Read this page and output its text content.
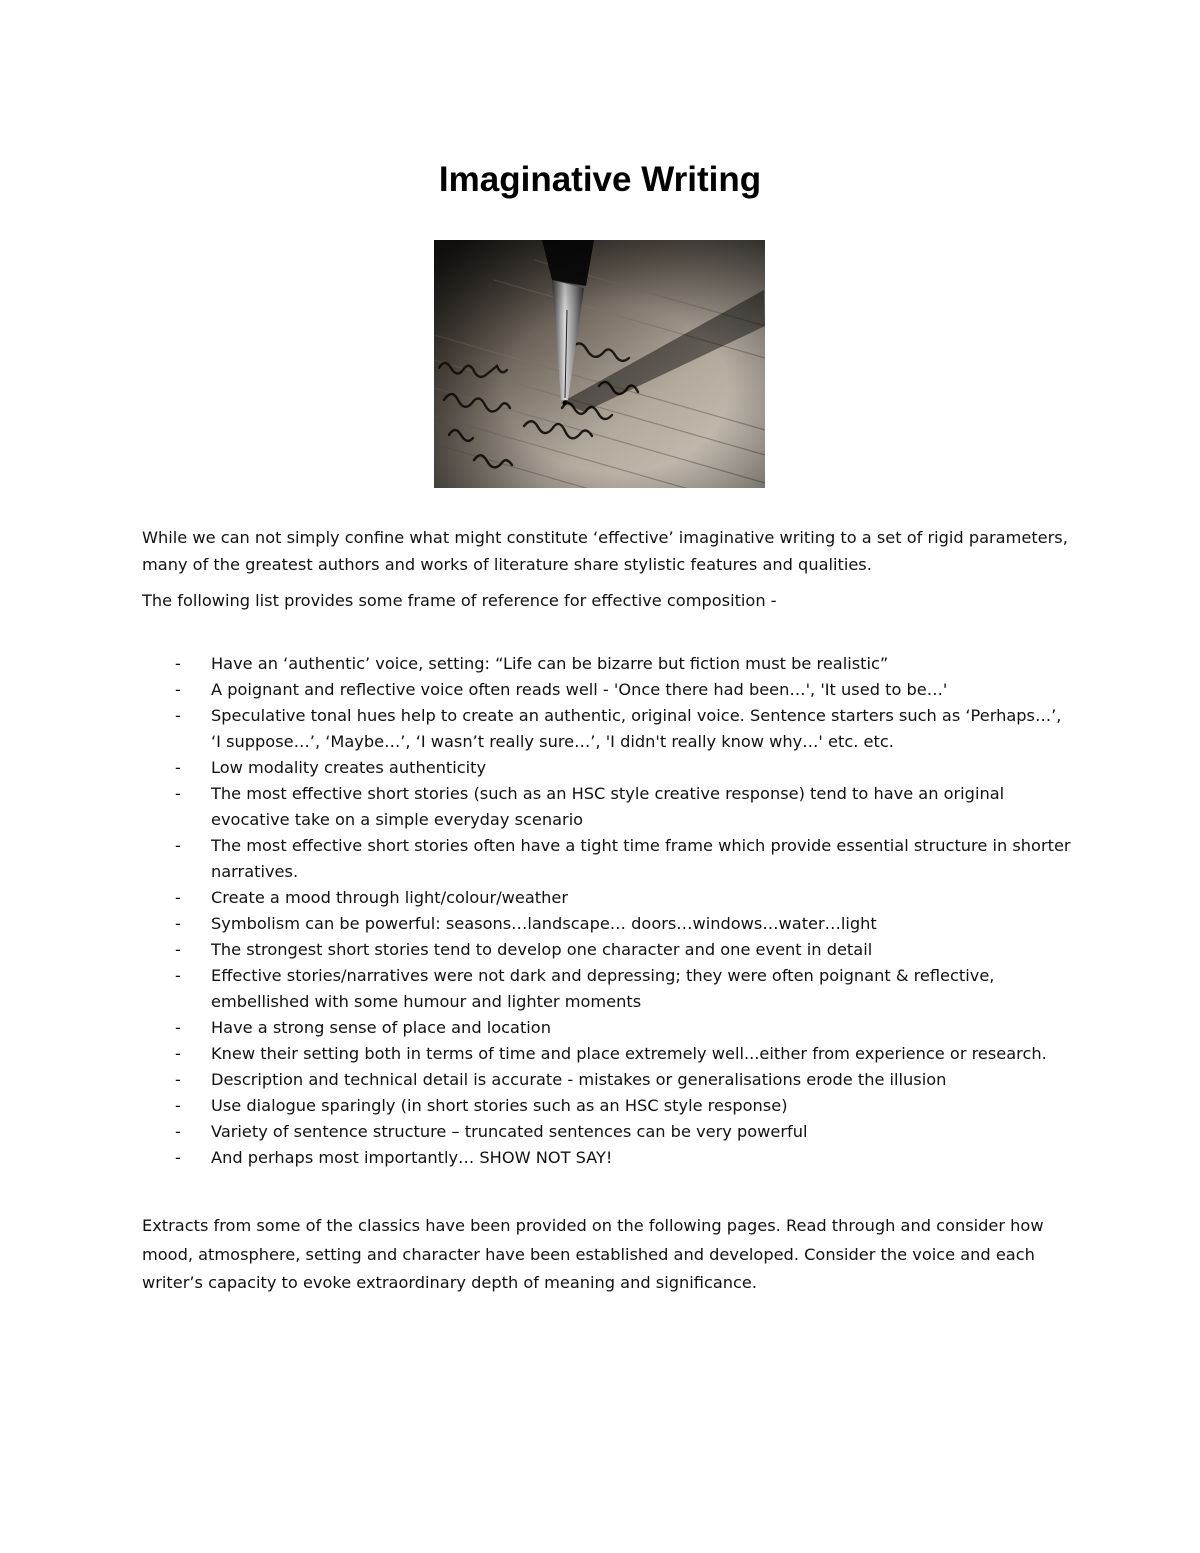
Imaginative Writing

While we can not simply confine what might constitute ‘effective’ imaginative writing to a set of rigid parameters, many of the greatest authors and works of literature share stylistic features and qualities.

The following list provides some frame of reference for effective composition -

- Have an ‘authentic’ voice, setting: “Life can be bizarre but fiction must be realistic”
- A poignant and reflective voice often reads well - 'Once there had been…', 'It used to be…'
- Speculative tonal hues help to create an authentic, original voice. Sentence starters such as ‘Perhaps…’, ‘I suppose…’, ‘Maybe…’, ‘I wasn’t really sure…’, 'I didn't really know why…' etc. etc.
- Low modality creates authenticity
- The most effective short stories (such as an HSC style creative response) tend to have an original evocative take on a simple everyday scenario
- The most effective short stories often have a tight time frame which provide essential structure in shorter narratives.
- Create a mood through light/colour/weather
- Symbolism can be powerful: seasons…landscape… doors…windows…water…light
- The strongest short stories tend to develop one character and one event in detail
- Effective stories/narratives were not dark and depressing; they were often poignant & reflective, embellished with some humour and lighter moments
- Have a strong sense of place and location
- Knew their setting both in terms of time and place extremely well...either from experience or research.
- Description and technical detail is accurate - mistakes or generalisations erode the illusion
- Use dialogue sparingly (in short stories such as an HSC style response)
- Variety of sentence structure – truncated sentences can be very powerful
- And perhaps most importantly… SHOW NOT SAY!

Extracts from some of the classics have been provided on the following pages. Read through and consider how mood, atmosphere, setting and character have been established and developed. Consider the voice and each writer’s capacity to evoke extraordinary depth of meaning and significance.
